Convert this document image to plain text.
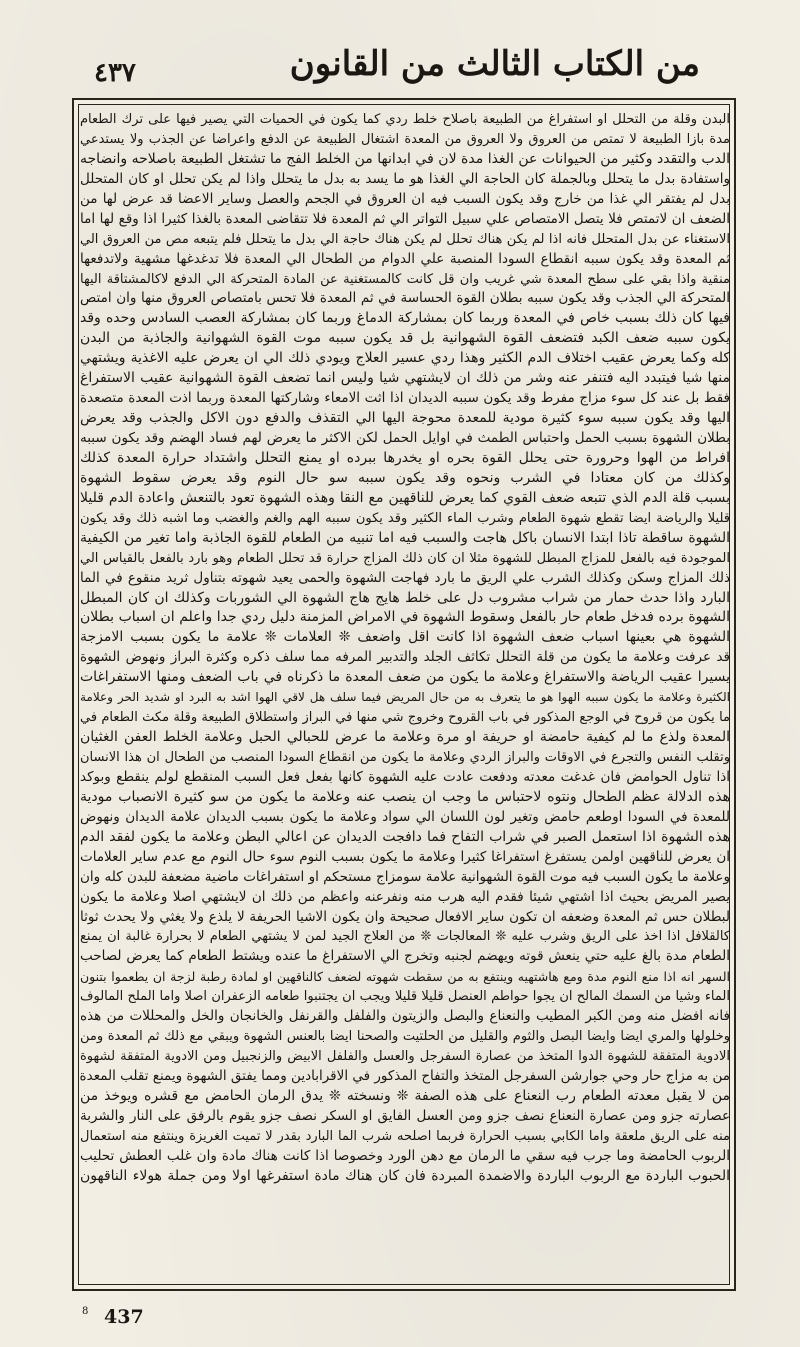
٤٣٧	من الكتاب الثالث من القانون
البدن وقلة من التحلل او استفراغ من الطبيعة باصلاح خلط ردي كما يكون في الحميات التي يصير فيها على ترك الطعام
مدة بازا الطبيعة لا تمتص من العروق ولا العروق من المعدة اشتغال الطبيعة عن الدفع واعراضا عن الجذب ولا يستدعي
الدب والتقدد وكثير من الحيوانات عن الغذا مدة لان في ابدانها من الخلط الفج ما تشتغل الطبيعة باصلاحه وانضاجه
واستفادة بدل ما يتحلل وبالجملة كان الحاجة الي الغذا هو ما يسد به بدل ما يتحلل واذا لم يكن تحلل او كان المتحلل
بدل لم يفتقر الي غذا من خارج وقد يكون السبب فيه ان العروق في الجحم والعصل وساير الاعضا قد عرض لها من
الضعف ان لاتمتص فلا يتصل الامتصاص علي سبيل التواتر الي ثم المعدة فلا تتقاضى المعدة بالغذا كثيرا اذا وقع لها اما
الاستغناء عن بدل المتحلل فانه اذا لم يكن هناك تحلل لم يكن هناك حاجة الي بدل ما يتحلل فلم يتبعه مص من العروق الي
ثم المعدة وقد يكون سببه انقطاع السودا المنصبة علي الدوام من الطحال الي المعدة فلا تدغدغها مشهية ولاتدفعها
منقية واذا بقي على سطح المعدة شي غريب وان قل كانت كالمستغنية عن المادة المتحركة الي الدفع لاكالمشتاقة اليها
المتحركة الي الجذب وقد يكون سببه بطلان القوة الحساسة في ثم المعدة فلا تحس بامتصاص العروق منها وان امتص
فيها كان ذلك بسبب خاص في المعدة وربما كان بمشاركة الدماغ وربما كان بمشاركة العصب السادس وحده وقد
يكون سببه ضعف الكبد فتضعف القوة الشهوانية بل قد يكون سببه موت القوة الشهوانية والجاذبة من البدن
كله وكما يعرض عقيب اختلاف الدم الكثير وهذا ردي عسير العلاج ويودي ذلك الي ان يعرض عليه الاغذية ويشتهي
منها شيا فيتبدد اليه فتنفر عنه وشر من ذلك ان لايشتهي شيا وليس انما تضعف القوة الشهوانية عقيب الاستفراغ
فقط بل عند كل سوء مزاج مفرط وقد يكون سببه الديدان اذا اثت الامعاء وشاركتها المعدة وربما اذت المعدة متصعدة
اليها وقد يكون سببه سوء كثيرة مودية للمعدة محوجة اليها الي التقذف والدفع دون الاكل والجذب وقد يعرض
بطلان الشهوة بسبب الحمل واحتباس الطمث في اوايل الحمل لكن الاكثر ما يعرض لهم فساد الهضم وقد يكون سببه
افراط من الهوا وحرورة حتى يحلل القوة بحره او يخدرها ببرده او يمنع التحلل واشتداد حرارة المعدة كذلك
وكذلك من كان معتادا في الشرب ونحوه وقد يكون سببه سو حال النوم وقد يعرض سقوط الشهوة
بسبب قلة الدم الذي تتبعه ضعف القوي كما يعرض للناقهين مع النقا وهذه الشهوة تعود بالتنعش واعادة الدم قليلا
قليلا والرياضة ايضا تقطع شهوة الطعام وشرب الماء الكثير وقد يكون سببه الهم والغم والغضب وما اشبه ذلك وقد يكون
الشهوة ساقطة تاذا ابتدا الانسان باكل هاجت والسبب فيه اما تنبيه من الطعام للقوة الجاذبة واما تغير من الكيفية
الموجودة فيه بالفعل للمزاج المبطل للشهوة مثلا ان كان ذلك المزاج حرارة قد تحلل الطعام وهو بارد بالفعل بالقياس الي
ذلك المزاج وسكن وكذلك الشرب علي الريق ما بارد فهاجت الشهوة والحمى يعيد شهوته بتناول ثريد منقوع في الما
البارد واذا حدث حمار من شراب مشروب دل على خلط هايج هاج الشهوة الي الشوربات وكذلك ان كان المبطل
الشهوة برده فدخل طعام حار بالفعل وسقوط الشهوة في الامراض المزمنة دليل ردي جدا واعلم ان اسباب بطلان
الشهوة هي بعينها اسباب ضعف الشهوة اذا كانت اقل واضعف ❊ العلامات ❊ علامة ما يكون بسبب الامزجة
قد عرفت وعلامة ما يكون من قلة التحلل تكاثف الجلد والتدبير المرفه مما سلف ذكره وكثرة البراز ونهوض الشهوة
يسيرا عقيب الرياضة والاستفراغ وعلامة ما يكون من ضعف المعدة ما ذكرناه في باب الضعف ومنها الاستفراغات
الكثيرة وعلامة ما يكون سببه الهوا هو ما يتعرف به من حال المريض فيما سلف هل لاقي الهوا اشد به البرد او شديد الحر وعلامة
ما يكون من قروح في الوجع المذكور في باب القروح وخروج شي منها في البراز واستطلاق الطبيعة وقلة مكث الطعام في
المعدة ولذع ما لم كيفية حامضة او حريفة او مرة وعلامة ما عرض للحبالي الحبل وعلامة الخلط العفن الغثيان
وتقلب النفس والتجرع في الاوقات والبراز الردي وعلامة ما يكون من انقطاع السودا المنصب من الطحال ان هذا الانسان
اذا تناول الحوامض فان غدغت معدته ودفعت عادت عليه الشهوة كانها بفعل فعل السبب المنقطع لولم ينقطع وبوكد
هذه الدلالة عظم الطحال ونتوه لاحتباس ما وجب ان ينصب عنه وعلامة ما يكون من سو كثيرة الانصباب مودية
للمعدة في السودا اوطعم حامض وتغير لون اللسان الي سواد وعلامة ما يكون بسبب الديدان علامة الديدان ونهوض
هذه الشهوة اذا استعمل الصبر في شراب التفاح فما دافجت الديدان عن اعالي البطن وعلامة ما يكون لفقد الدم
ان يعرض للناقهين اولمن يستفرغ استفراغا كثيرا وعلامة ما يكون بسبب النوم سوء حال النوم مع عدم ساير العلامات
وعلامة ما يكون السبب فيه موت القوة الشهوانية علامة سومزاج مستحكم او استفراغات ماضية مضعفة للبدن كله وان
يصير المريض بحيث اذا اشتهي شيئا فقدم اليه هرب منه ونفرعنه واعظم من ذلك ان لايشتهي اصلا وعلامة ما يكون
لبطلان حس ثم المعدة وضعفه ان تكون ساير الافعال صحيحة وان يكون الاشيا الحريفة لا يلذع ولا يغثي ولا يحدث ثوثا
كالقلافل اذا اخذ على الريق وشرب عليه ❊ المعالجات ❊ من العلاج الجيد لمن لا يشتهي الطعام لا بحرارة غالبة ان يمنع
الطعام مدة بالغ عليه حتي ينعش قوته ويهضم لجنبه وتخرج الي الاستفراغ ما عنده ويشتط الطعام كما يعرض لصاحب
السهر انه اذا منع النوم مدة ومع هاشتهيه وينتفع به من سقطت شهوته لضعف كالناقهين او لمادة رطبة لزجة ان يطعموا بتنون
الماء وشيا من السمك المالح ان يجوا حواطم العنصل قليلا قليلا ويجب ان يجتنبوا طعامه الزعفران اصلا واما الملح المالوف
فانه افضل منه ومن الكبر المطيب والنعناع والبصل والزيتون والفلفل والقرنفل والخانجان والخل والمحللات من هذه
وخلولها والمري ايضا وايضا البصل والثوم والقليل من الحلتيت والصحنا ايضا بالعنس الشهوة ويبقي مع ذلك ثم المعدة ومن
الادوية المتفقة للشهوة الدوا المتخذ من عصارة السفرجل والعسل والفلفل الابيض والزنجبيل ومن الادوية المتفقة لشهوة
من به مزاج حار وحي جوارشن السفرجل المتخذ والتفاح المذكور في الاقرابادين ومما يفتق الشهوة ويمنع تقلب المعدة
من لا يقبل معدته الطعام رب النعناع على هذه الصفة ❊ ونسخته ❊ يدق الرمان الحامض مع قشره ويوخذ من
عصارته جزو ومن عصارة النعناع نصف جزو ومن العسل الفايق او السكر نصف جزو يقوم بالرفق على النار والشربة
منه على الريق ملعقة واما الكابي بسبب الحرارة فربما اصلحه شرب الما البارد بقدر لا تميت الغريزة وينتفع منه استعمال
الربوب الحامضة وما جرب فيه سقي ما الرمان مع دهن الورد وخصوصا اذا كانت هناك مادة وان غلب العطش تحليب
الحبوب الباردة مع الربوب الباردة والاضمدة المبردة فان كان هناك مادة استفرغها اولا ومن جملة هولاء الناقهون
8 437
